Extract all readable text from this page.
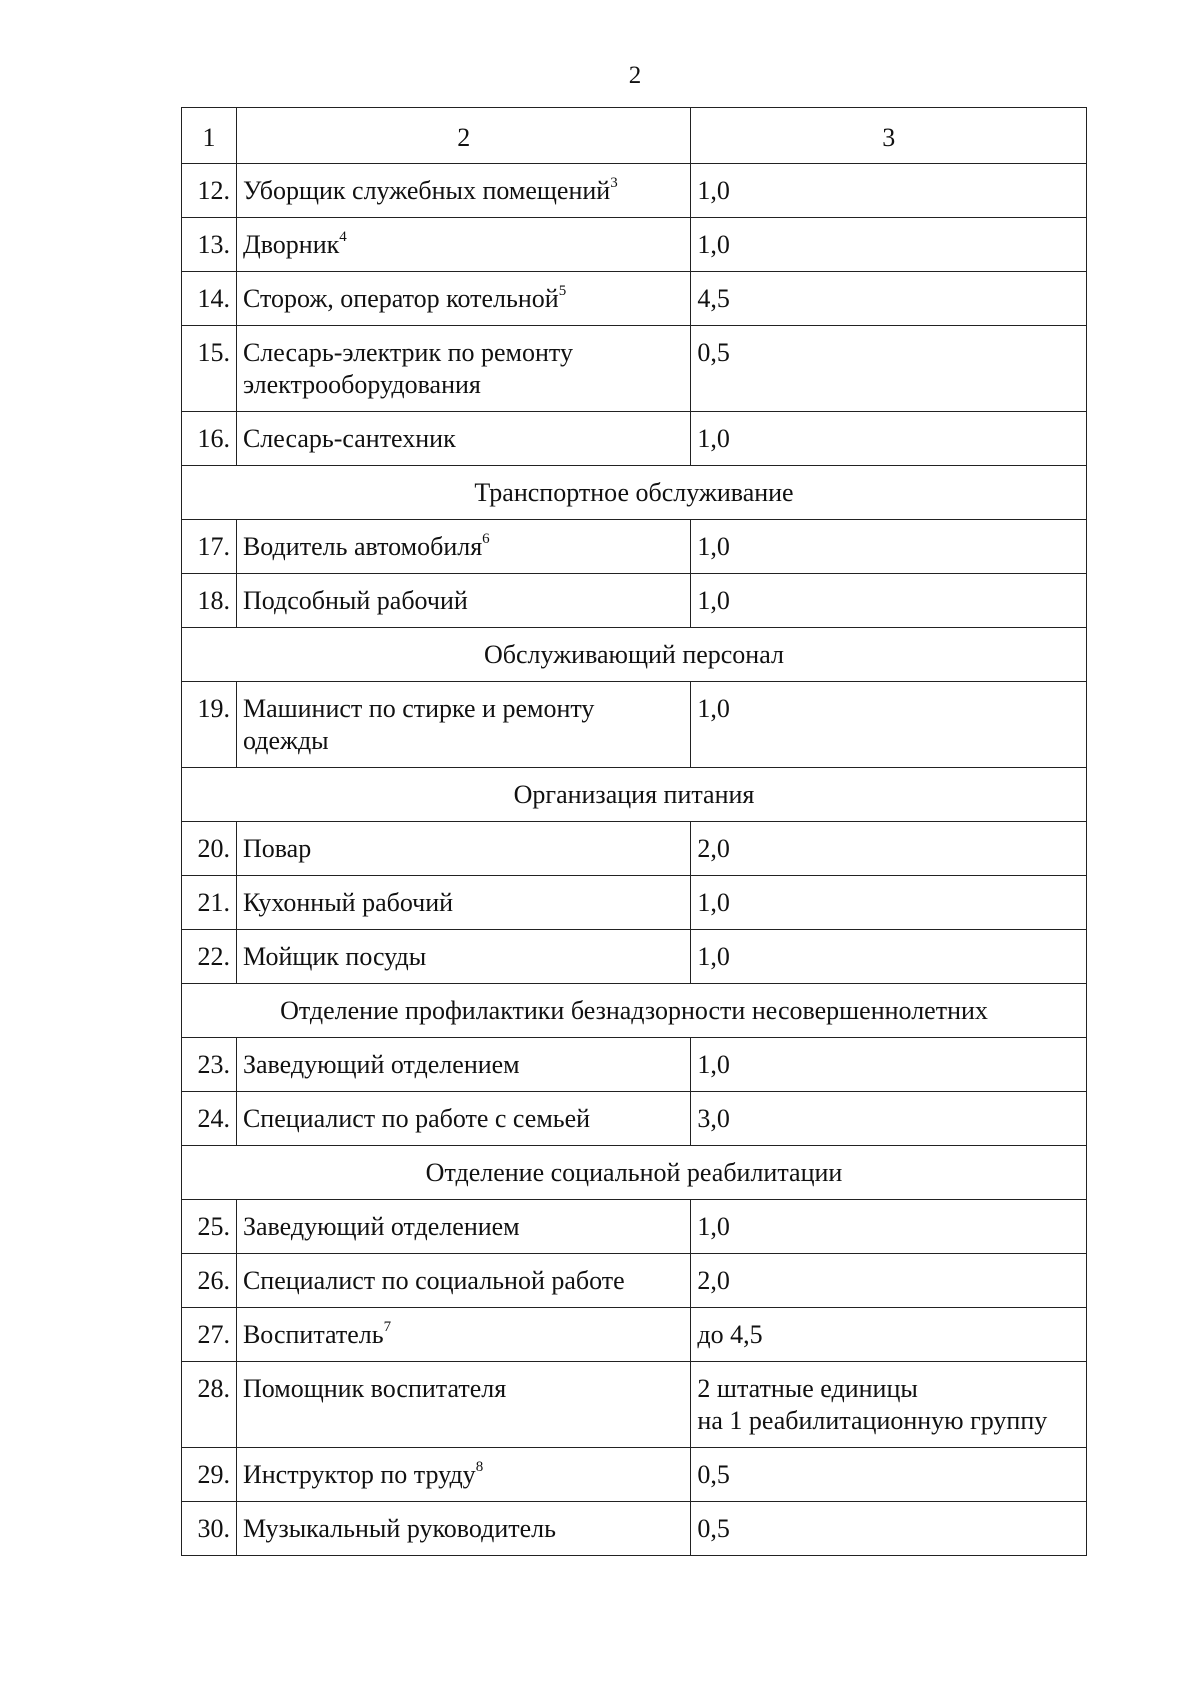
2
1	2	3
12.	Уборщик служебных помещений$^3$	1,0

13.	Дворник$^4$	1,0

14.	Сторож, оператор котельной$^5$	4,5

15.	Слесарь-электрик по ремонту электрооборудования	0,5

16.	Слесарь-сантехник	1,0

Транспортное обслуживание		
17.	Водитель автомобиля$^6$	1,0

18.	Подсобный рабочий	1,0

Обслуживающий персонал		
19.	Машинист по стирке и ремонту одежды	1,0

Организация питания		
20.	Повар	2,0

21.	Кухонный рабочий	1,0

22.	Мойщик посуды	1,0

Отделение профилактики безнадзорности несовершеннолетних		
23.	Заведующий отделением	1,0

24.	Специалист по работе с семьей	3,0

Отделение социальной реабилитации		
25.	Заведующий отделением	1,0

26.	Специалист по социальной работе	2,0

27.	Воспитатель$^7$	до 4,5

28.	Помощник воспитателя	2 штатные единицы
на 1 реабилитационную группу

29.	Инструктор по труду$^8$	0,5

30.	Музыкальный руководитель	0,5
